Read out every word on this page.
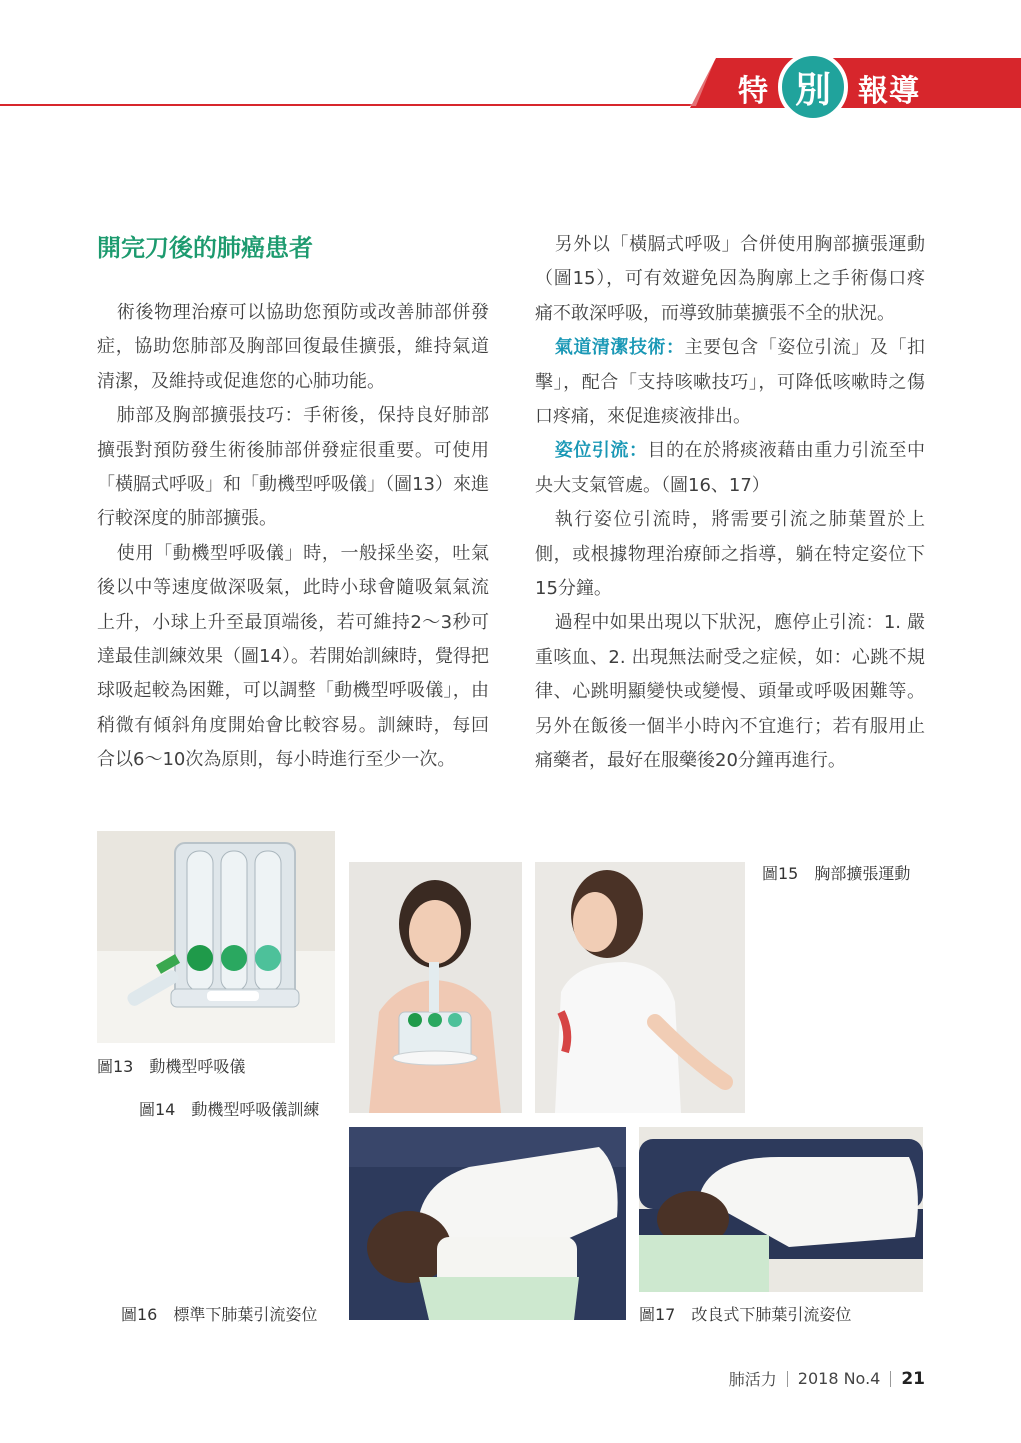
特 別 報導
開完刀後的肺癌患者

術後物理治療可以協助您預防或改善肺部併發症，協助您肺部及胸部回復最佳擴張，維持氣道清潔，及維持或促進您的心肺功能。

肺部及胸部擴張技巧：手術後，保持良好肺部擴張對預防發生術後肺部併發症很重要。可使用「橫膈式呼吸」和「動機型呼吸儀」（圖13）來進行較深度的肺部擴張。

使用「動機型呼吸儀」時，一般採坐姿，吐氣後以中等速度做深吸氣，此時小球會隨吸氣氣流上升，小球上升至最頂端後，若可維持2～3秒可達最佳訓練效果（圖14）。若開始訓練時，覺得把球吸起較為困難，可以調整「動機型呼吸儀」，由稍微有傾斜角度開始會比較容易。訓練時，每回合以6～10次為原則，每小時進行至少一次。

另外以「橫膈式呼吸」合併使用胸部擴張運動（圖15），可有效避免因為胸廓上之手術傷口疼痛不敢深呼吸，而導致肺葉擴張不全的狀況。

氣道清潔技術：主要包含「姿位引流」及「扣擊」，配合「支持咳嗽技巧」，可降低咳嗽時之傷口疼痛，來促進痰液排出。

姿位引流：目的在於將痰液藉由重力引流至中央大支氣管處。（圖16、17）

執行姿位引流時，將需要引流之肺葉置於上側，或根據物理治療師之指導，躺在特定姿位下15分鐘。

過程中如果出現以下狀況，應停止引流：1. 嚴重咳血、2. 出現無法耐受之症候，如：心跳不規律、心跳明顯變快或變慢、頭暈或呼吸困難等。另外在飯後一個半小時內不宜進行；若有服用止痛藥者，最好在服藥後20分鐘再進行。

圖13 動機型呼吸儀
圖14 動機型呼吸儀訓練
圖15 胸部擴張運動
圖16 標準下肺葉引流姿位	圖17 改良式下肺葉引流姿位
肺活力 2018 No.4 21
